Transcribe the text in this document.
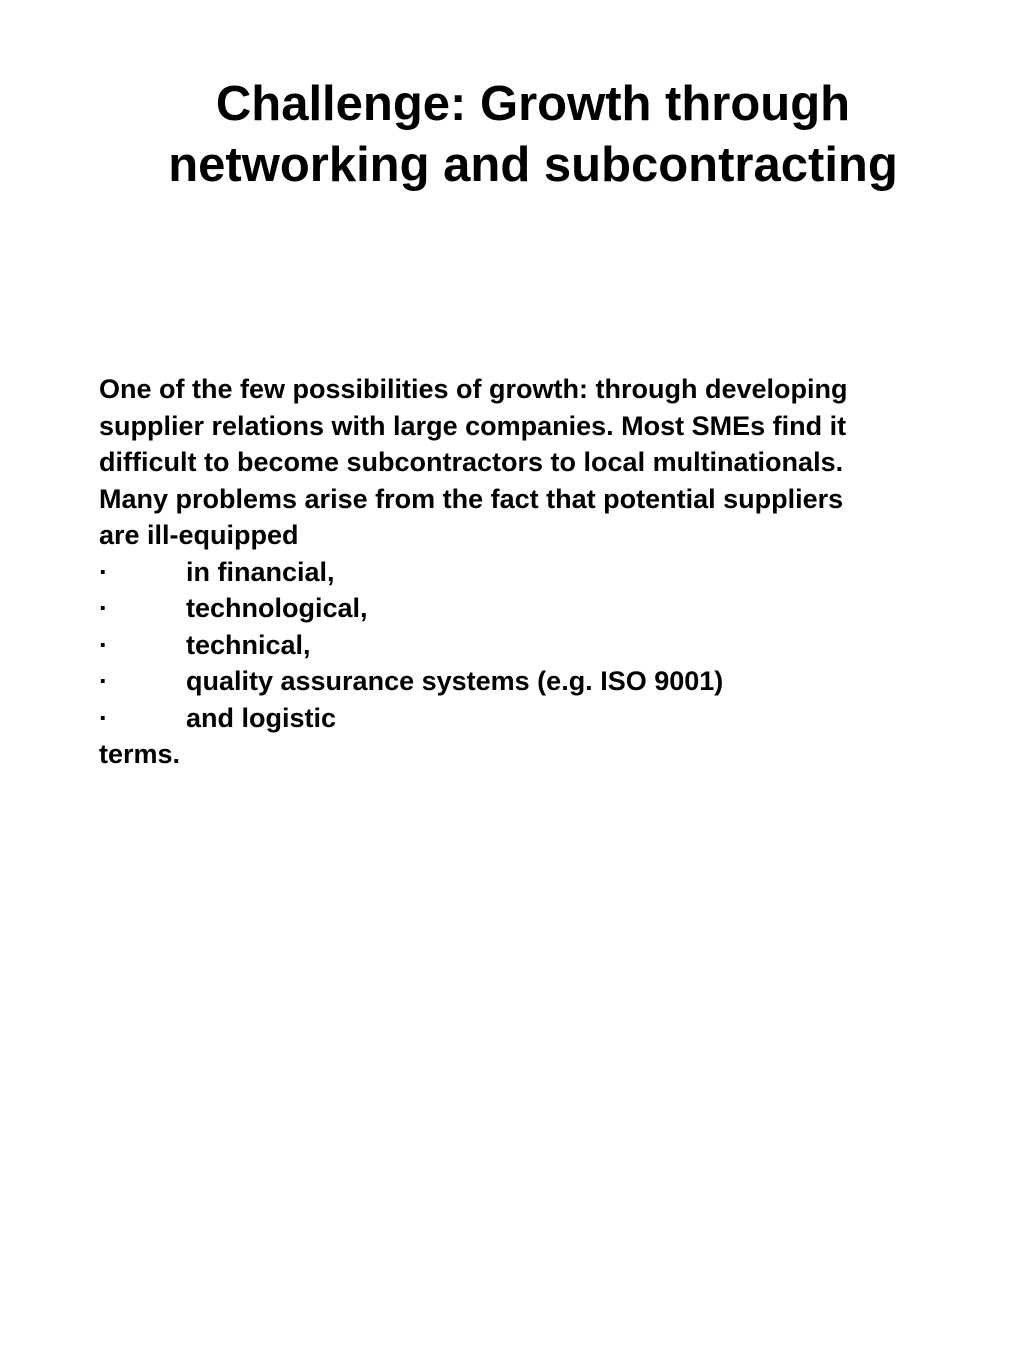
Challenge: Growth through
networking and subcontracting

One of the few possibilities of growth: through developing
supplier relations with large companies. Most SMEs find it
difficult to become subcontractors to local multinationals.
Many problems arise from the fact that potential suppliers
are ill-equipped

·	in financial,
·	technological,
·	technical,
·	quality assurance systems (e.g. ISO 9001)
·	and logistic

terms.
